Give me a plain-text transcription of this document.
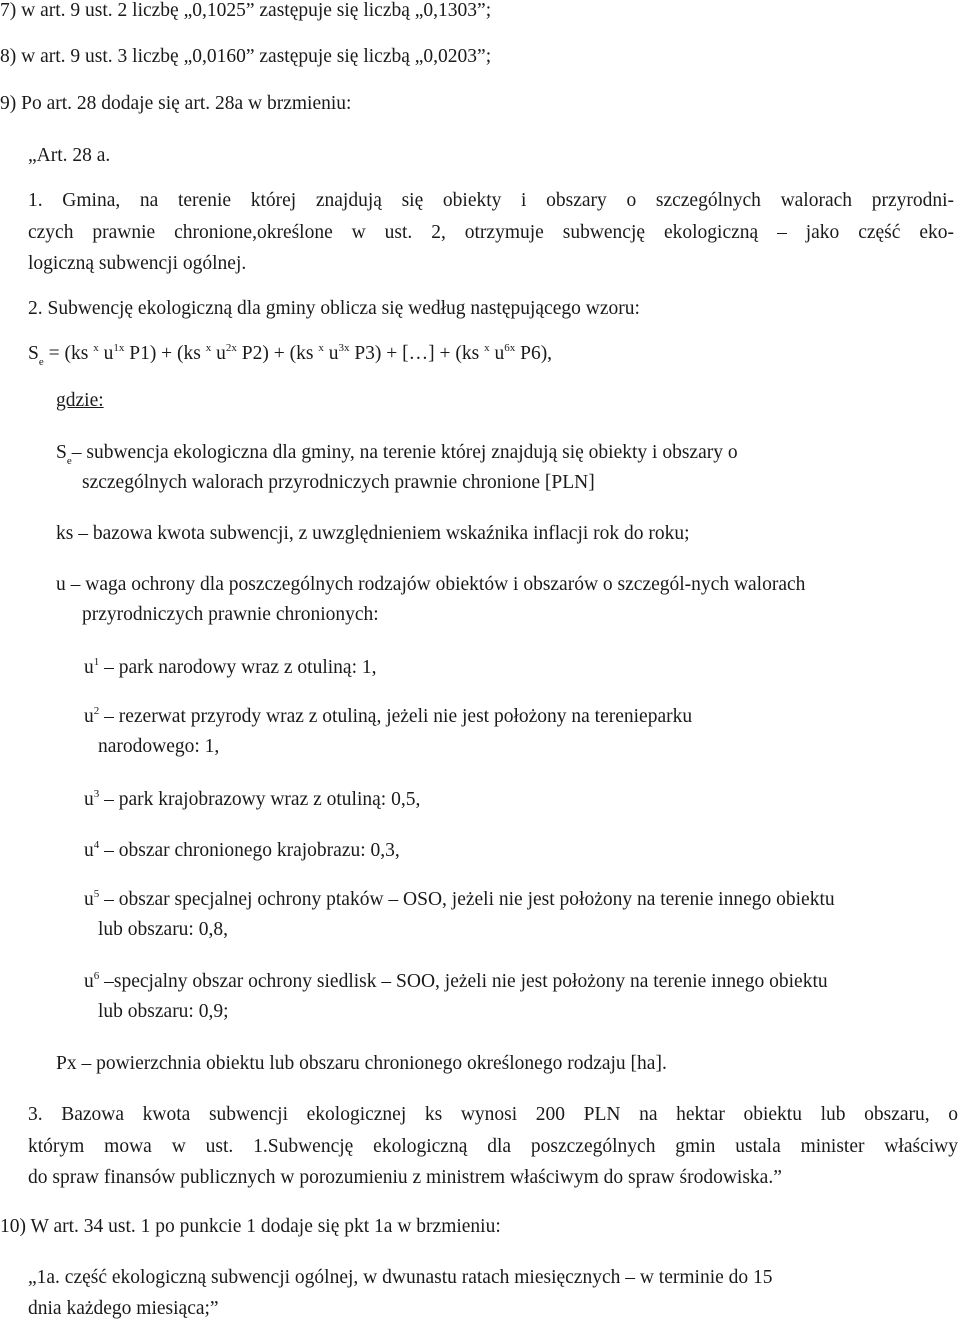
7) w art. 9 ust. 2 liczbę „0,1025” zastępuje się liczbą „0,1303”;
8) w art. 9 ust. 3 liczbę „0,0160” zastępuje się liczbą „0,0203”;
9) Po art. 28 dodaje się art. 28a w brzmieniu:
„Art. 28 a.
1. Gmina, na terenie której znajdują się obiekty i obszary o szczególnych walorach przyrodni-
czych prawnie chronione,określone w ust. 2, otrzymuje subwencję ekologiczną – jako część eko-
logiczną subwencji ogólnej.
2. Subwencję ekologiczną dla gminy oblicza się według następującego wzoru:
$S_e = (ks$ $^x$ $u^{1x}$ P1) + (ks $^x$ $u^{2x}$ P2) + (ks $^x$ $u^{3x}$ P3) + […] + (ks $^x$ $u^{6x}$ P6),
gdzie:
$S_e-$ subwencja ekologiczna dla gminy, na terenie której znajdują się obiekty i obszary o
szczególnych walorach przyrodniczych prawnie chronione [PLN]
ks – bazowa kwota subwencji, z uwzględnieniem wskaźnika inflacji rok do roku;
u – waga ochrony dla poszczególnych rodzajów obiektów i obszarów o szczegól-nych walorach
przyrodniczych prawnie chronionych:
$u^1$ – park narodowy wraz z otuliną: 1,
$u^2$ – rezerwat przyrody wraz z otuliną, jeżeli nie jest położony na terenieparku
narodowego: 1,
$u^3$ – park krajobrazowy wraz z otuliną: 0,5,
$u^4$ – obszar chronionego krajobrazu: 0,3,
$u^5$ – obszar specjalnej ochrony ptaków – OSO, jeżeli nie jest położony na terenie innego obiektu
lub obszaru: 0,8,
$u^6$ –specjalny obszar ochrony siedlisk – SOO, jeżeli nie jest położony na terenie innego obiektu
lub obszaru: 0,9;
Px – powierzchnia obiektu lub obszaru chronionego określonego rodzaju [ha].
3. Bazowa kwota subwencji ekologicznej ks wynosi 200 PLN na hektar obiektu lub obszaru, o
którym mowa w ust. 1.Subwencję ekologiczną dla poszczególnych gmin ustala minister właściwy
do spraw finansów publicznych w porozumieniu z ministrem właściwym do spraw środowiska.”
10) W art. 34 ust. 1 po punkcie 1 dodaje się pkt 1a w brzmieniu:
„1a. część ekologiczną subwencji ogólnej, w dwunastu ratach miesięcznych – w terminie do 15
dnia każdego miesiąca;”
